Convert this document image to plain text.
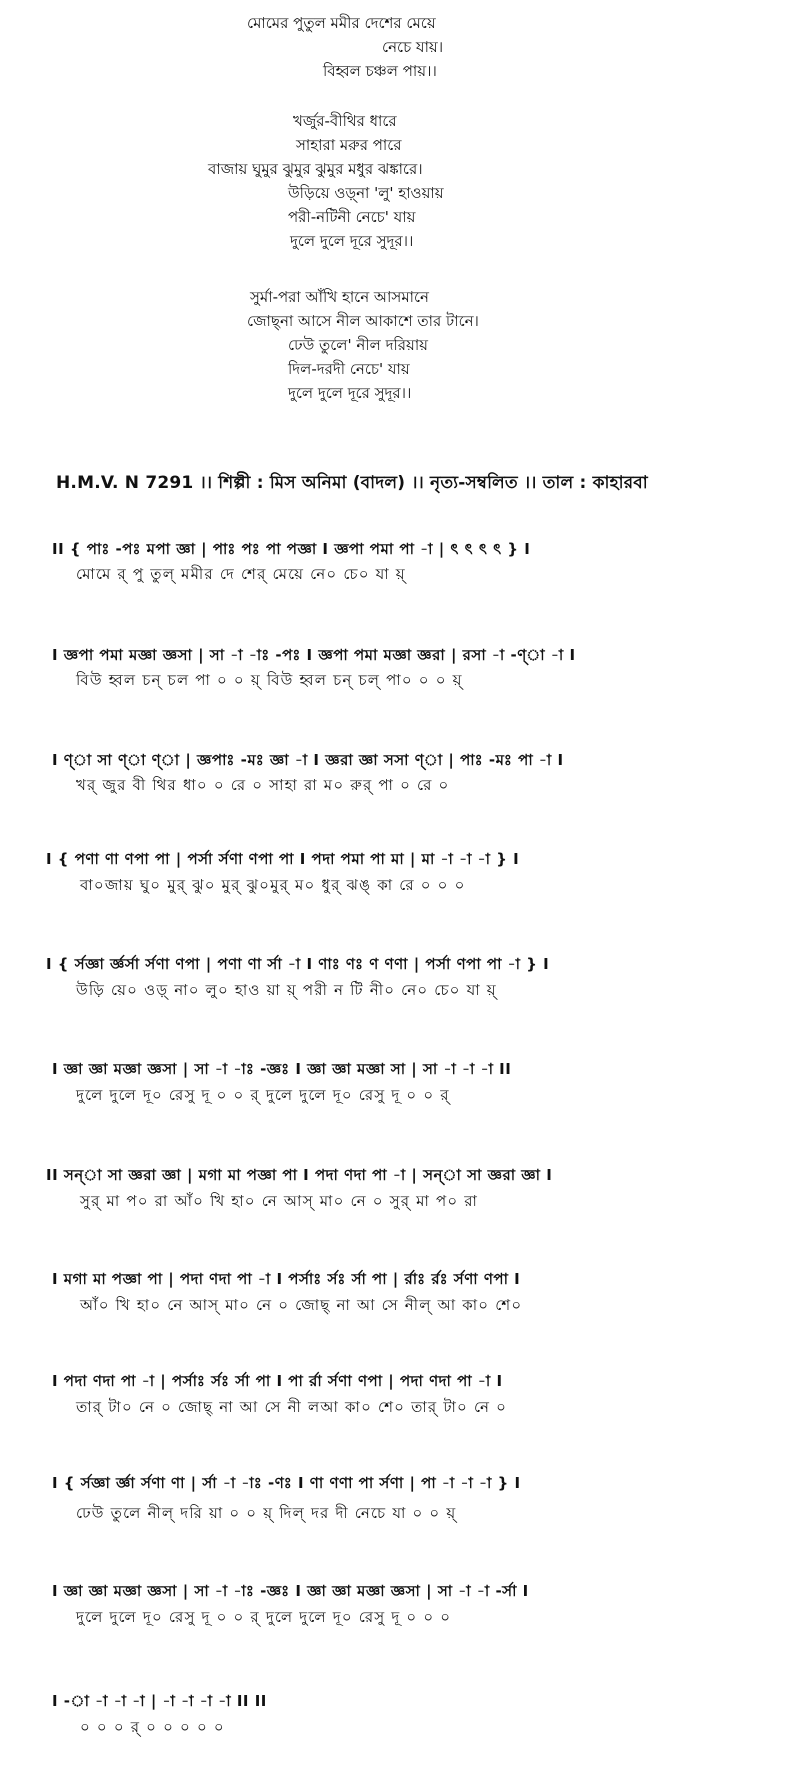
মোমের পুতুল মমীর দেশের মেয়ে
নেচে যায়।
বিহ্বল চঞ্চল পায়।।
খর্জুর-বীথির ধারে
সাহারা মরুর পারে
বাজায় ঘুমুর ঝুমুর ঝুমুর মধুর ঝঙ্কারে।
উড়িয়ে ওড়্‌না 'লু' হাওয়ায়
পরী-নটিনী নেচে' যায়
দুলে দুলে দূরে সুদূর।।
সুর্মা-পরা আঁখি হানে আসমানে
জোছ্‌না আসে নীল আকাশে তার টানে।
ঢেউ তুলে' নীল দরিয়ায়
দিল-দরদী নেচে' যায়
দুলে দুলে দূরে সুদূর।।
H.M.V. N 7291 ।। শিল্পী : মিস অনিমা (বাদল) ।। নৃত্য-সম্বলিত ।। তাল : কাহারবা
II { পাঃ -পঃ মপা জ্ঞা | পাঃ পঃ পা পজ্ঞা I জ্ঞপা পমা পা -া | ৎ ৎ ৎ ৎ } I
মোমে র্ পু তুল্ মমীর দে শের্ মেয়ে নে০ চে০ যা য়্
I জ্ঞপা পমা মজ্ঞা জ্ঞসা | সা -া -াঃ -পঃ I জ্ঞপা পমা মজ্ঞা জ্ঞরা | রসা -া -ণ্া -া I
বিউ হ্বল চন্ চল পা ০ ০ য়্ বিউ হ্বল চন্ চল্ পা০ ০ ০ য়্
I ণ্া সা ণ্া ণ্া | জ্ঞপাঃ -মঃ জ্ঞা -া I জ্ঞরা জ্ঞা সসা ণ্া | পাঃ -মঃ পা -া I
খর্ জুর বী থির ধা০ ০ রে ০ সাহা রা ম০ রুর্ পা ০ রে ০
I { পণা ণা ণপা পা | পর্সা র্সণা ণপা পা I পদা পমা পা মা | মা -া -া -া } I
বা০জায় ঘু০ মুর্ ঝু০ মুর্ ঝু০মুর্ ম০ ধুর্ ঝঙ্ কা রে ০ ০ ০
I { র্সজ্ঞা র্জ্ঞর্সা র্সণা ণপা | পণা ণা র্সা -া I ণাঃ ণঃ ণ ণণা | পর্সা ণপা পা -া } I
উড়ি য়ে০ ওড়্ না০ লু০ হাও য়া য়্ পরী ন টি নী০ নে০ চে০ যা য়্
I জ্ঞা জ্ঞা মজ্ঞা জ্ঞসা | সা -া -াঃ -জ্ঞঃ I জ্ঞা জ্ঞা মজ্ঞা সা | সা -া -া -া II
দুলে দুলে দূ০ রেসু দূ ০ ০ র্ দুলে দুলে দূ০ রেসু দূ ০ ০ র্
II সন্া সা জ্ঞরা জ্ঞা | মগা মা পজ্ঞা পা I পদা ণদা পা -া | সন্া সা জ্ঞরা জ্ঞা I
সুর্ মা প০ রা আঁ০ খি হা০ নে আস্ মা০ নে ০ সুর্ মা প০ রা
I মগা মা পজ্ঞা পা | পদা ণদা পা -া I পর্সাঃ র্সঃ র্সা পা | র্রাঃ র্রঃ র্সণা ণপা I
আঁ০ খি হা০ নে আস্ মা০ নে ০ জোছ্ না আ সে নীল্ আ কা০ শে০
I পদা ণদা পা -া | পর্সাঃ র্সঃ র্সা পা I পা র্রা র্সণা ণপা | পদা ণদা পা -া I
তার্ টা০ নে ০ জোছ্ না আ সে নী লআ কা০ শে০ তার্ টা০ নে ০
I { র্সজ্ঞা র্জ্ঞা র্সণা ণা | র্সা -া -াঃ -ণঃ I ণা ণণা পা র্সণা | পা -া -া -া } I
ঢেউ তুলে নীল্ দরি য়া ০ ০ য়্ দিল্ দর দী নেচে যা ০ ০ য়্
I জ্ঞা জ্ঞা মজ্ঞা জ্ঞসা | সা -া -াঃ -জ্ঞঃ I জ্ঞা জ্ঞা মজ্ঞা জ্ঞসা | সা -া -া -র্সা I
দুলে দুলে দূ০ রেসু দূ ০ ০ র্ দুলে দুলে দূ০ রেসু দূ ০ ০ ০
I -া -া -া -া | -া -া -া -া II II
০ ০ ০ র্ ০ ০ ০ ০ ০
